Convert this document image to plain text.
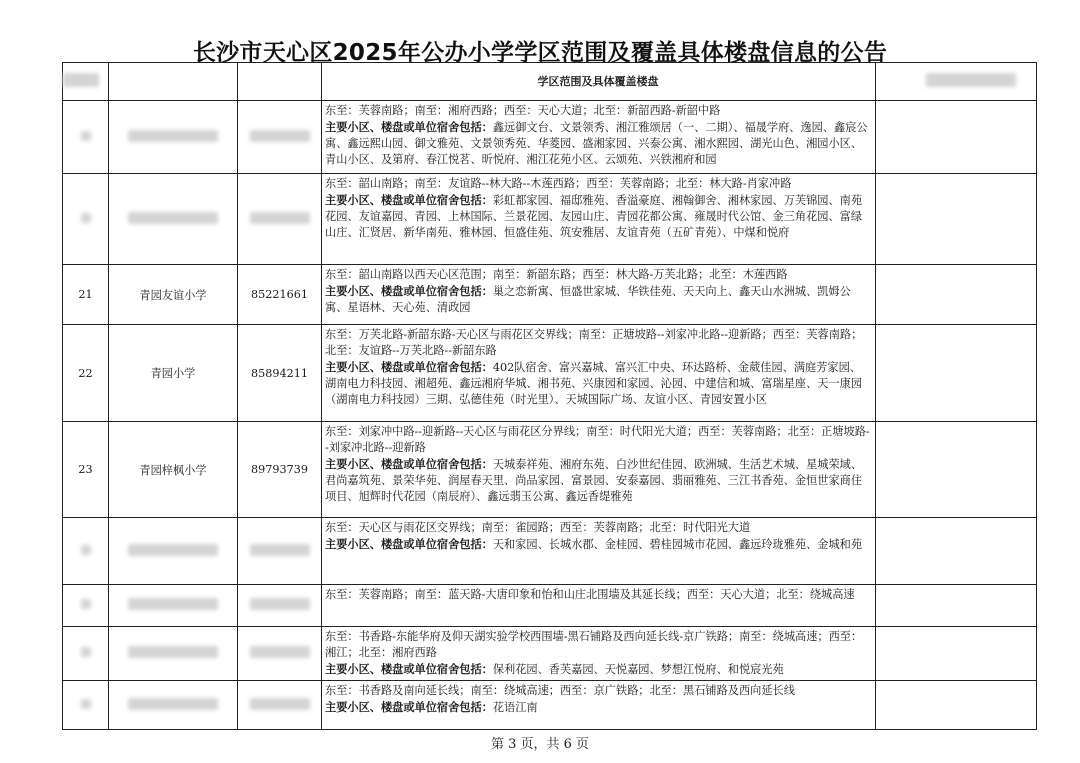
长沙市天心区2025年公办小学学区范围及覆盖具体楼盘信息的公告
			学区范围及具体覆盖楼盘	
			东至：芙蓉南路；南至：湘府西路；西至：天心大道；北至：新韶西路-新韶中路
主要小区、楼盘或单位宿舍包括：鑫远御文台、文景领秀、湘江雅颂居（一、二期）、福晟学府、逸园、鑫宸公寓、鑫远熙山园、御文雅苑、文景领秀苑、华菱园、盛湘家园、兴泰公寓、湘水熙园、湖光山色、湘园小区、青山小区、及第府、春江悦茗、昕悦府、湘江花苑小区、云颂苑、兴铁湘府和园	
			东至：韶山南路；南至：友谊路--林大路--木莲西路；西至：芙蓉南路；北至：林大路-肖家冲路
主要小区、楼盘或单位宿舍包括：彩虹都家园、福邸雅苑、香溢豪庭、湘翰御舍、湘林家园、万芙锦园、南苑花园、友谊嘉园、青园、上林国际、兰景花园、友园山庄、青园花都公寓、雍晟时代公馆、金三角花园、富绿山庄、汇贤居、新华南苑、雅林园、恒盛佳苑、筑安雅居、友谊青苑（五矿青苑）、中煤和悦府	
21	青园友谊小学	85221661	东至：韶山南路以西天心区范围；南至：新韶东路；西至：林大路-万芙北路；北至：木莲西路
主要小区、楼盘或单位宿舍包括：巢之恋新寓、恒盛世家城、华铁佳苑、天天向上、鑫天山水洲城、凯姆公寓、星语林、天心苑、清政园	
22	青园小学	85894211	东至：万芙北路-新韶东路-天心区与雨花区交界线；南至：正塘坡路--刘家冲北路--迎新路；西至：芙蓉南路；北至：友谊路--万芙北路--新韶东路
主要小区、楼盘或单位宿舍包括：402队宿舍、富兴嘉城、富兴汇中央、环达路桥、金葳佳园、满庭芳家园、湖南电力科技园、湘超苑、鑫远湘府华城、湘书苑、兴康园和家园、沁园、中建信和城、富瑞星座、天一康园（湖南电力科技园）三期、弘德佳苑（时光里）、天城国际广场、友谊小区、青园安置小区	
23	青园梓枫小学	89793739	东至：刘家冲中路--迎新路--天心区与雨花区分界线；南至：时代阳光大道；西至：芙蓉南路；北至：正塘坡路--刘家冲北路--迎新路
主要小区、楼盘或单位宿舍包括：天城泰祥苑、湘府东苑、白沙世纪佳园、欧洲城、生活艺术城、星城荣域、君尚嘉筑苑、景荣华苑、润屋春天里、尚品家园、富景园、安泰嘉园、翡丽雅苑、三江书香苑、金恒世家商住项目、旭辉时代花园（南辰府）、鑫远翡玉公寓、鑫远香缇雅苑	
			东至：天心区与雨花区交界线；南至：雀园路；西至：芙蓉南路；北至：时代阳光大道
主要小区、楼盘或单位宿舍包括：天和家园、长城水郡、金桂园、碧桂园城市花园、鑫远玲珑雅苑、金城和苑	
			东至：芙蓉南路；南至：蓝天路-大唐印象和怡和山庄北围墙及其延长线；西至：天心大道；北至：绕城高速	
			东至：书香路-东能华府及仰天湖实验学校西围墙-黑石铺路及西向延长线-京广铁路；南至：绕城高速；西至：湘江；北至：湘府西路
主要小区、楼盘或单位宿舍包括：保利花园、香芙嘉园、天悦嘉园、梦想江悦府、和悦宸光苑	
			东至：书香路及南向延长线；南至：绕城高速；西至：京广铁路；北至：黑石铺路及西向延长线
主要小区、楼盘或单位宿舍包括：花语江南	
第 3 页，共 6 页
